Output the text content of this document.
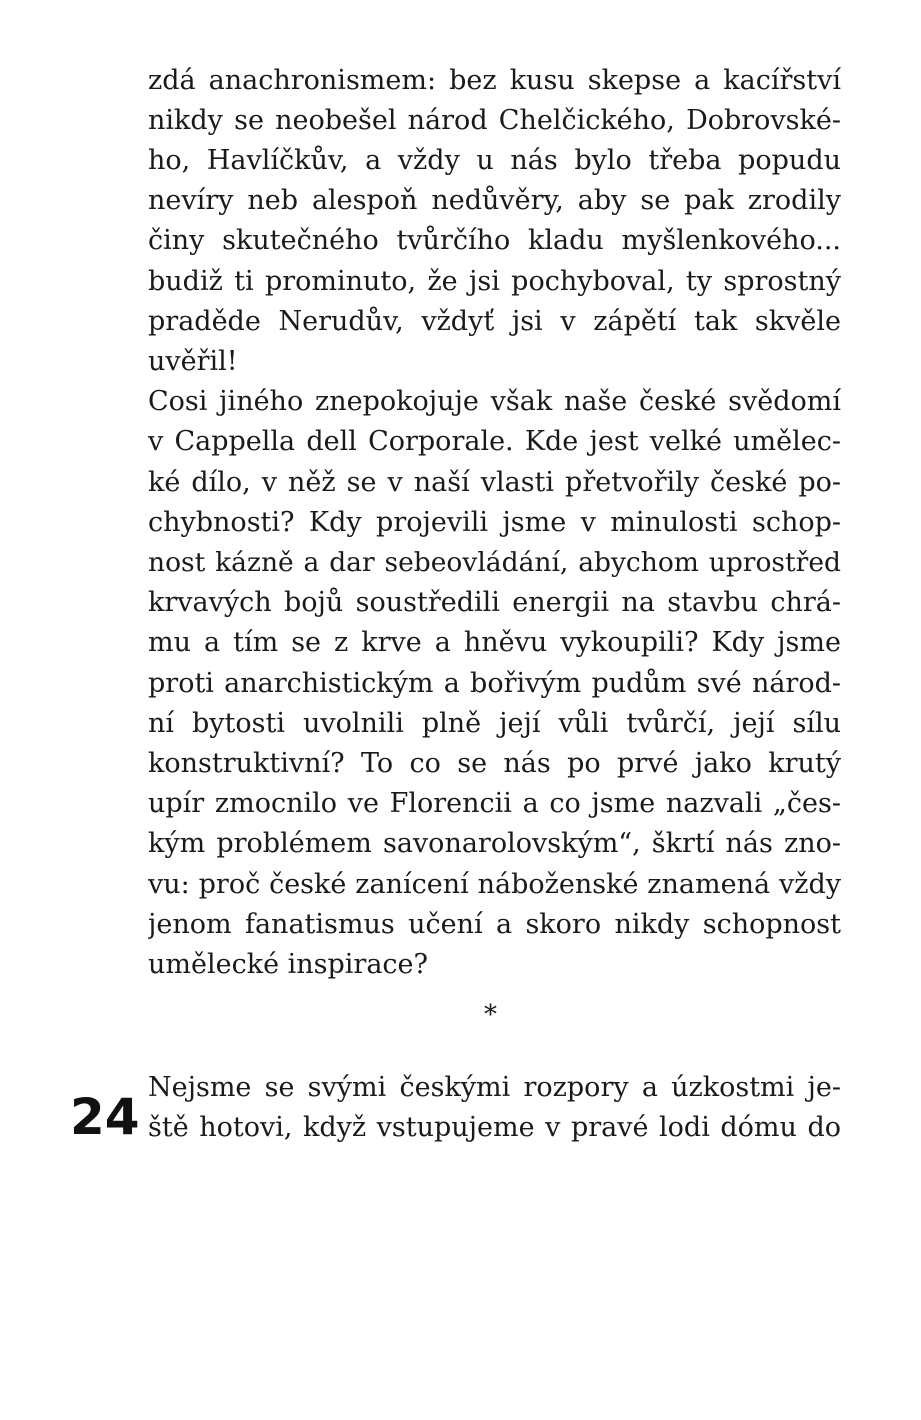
zdá anachronismem: bez kusu skepse a kacířství
nikdy se neobešel národ Chelčického, Dobrovské-
ho, Havlíčkův, a vždy u nás bylo třeba popudu
nevíry neb alespoň nedůvěry, aby se pak zrodily
činy skutečného tvůrčího kladu myšlenkového...
budiž ti prominuto, že jsi pochyboval, ty sprostný
praděde Nerudův, vždyť jsi v zápětí tak skvěle
uvěřil!
Cosi jiného znepokojuje však naše české svědomí
v Cappella dell Corporale. Kde jest velké umělec-
ké dílo, v něž se v naší vlasti přetvořily české po-
chybnosti? Kdy projevili jsme v minulosti schop-
nost kázně a dar sebeovládání, abychom uprostřed
krvavých bojů soustředili energii na stavbu chrá-
mu a tím se z krve a hněvu vykoupili? Kdy jsme
proti anarchistickým a bořivým pudům své národ-
ní bytosti uvolnili plně její vůli tvůrčí, její sílu
konstruktivní? To co se nás po prvé jako krutý
upír zmocnilo ve Florencii a co jsme nazvali „čes-
kým problémem savonarolovským“, škrtí nás zno-
vu: proč české zanícení náboženské znamená vždy
jenom fanatismus učení a skoro nikdy schopnost
umělecké inspirace?
*
Nejsme se svými českými rozpory a úzkostmi je-
ště hotovi, když vstupujeme v pravé lodi dómu do
24
